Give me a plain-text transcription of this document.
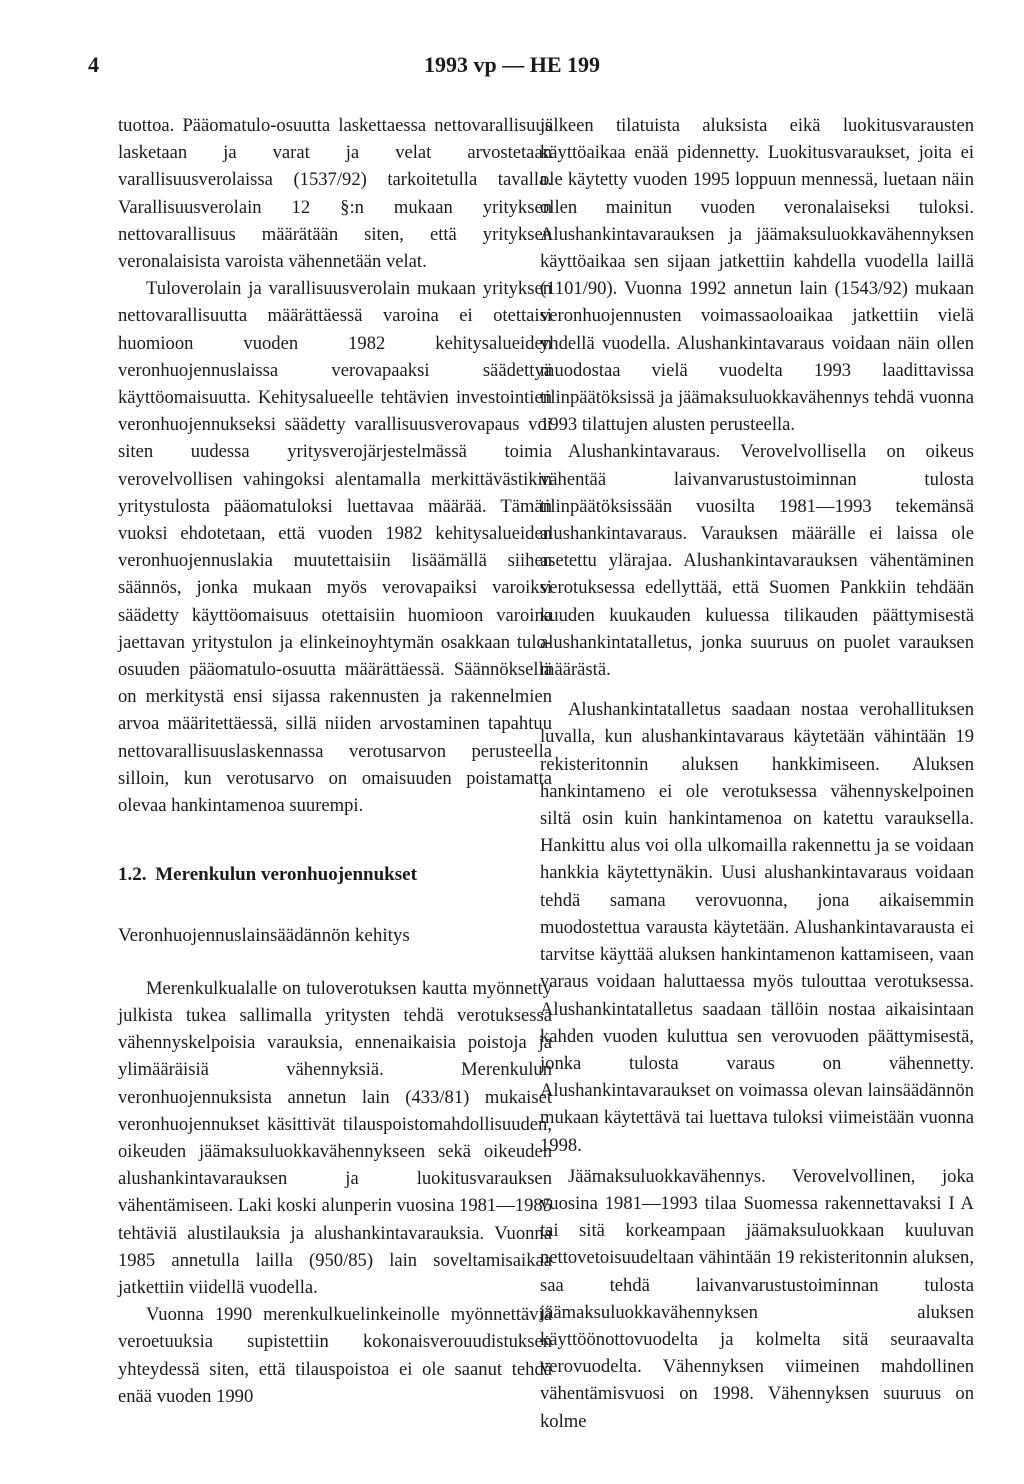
4	1993 vp — HE 199

tuottoa. Pääomatulo-osuutta laskettaessa nettovarallisuus lasketaan ja varat ja velat arvostetaan varallisuusverolaissa (1537/92) tarkoitetulla tavalla. Varallisuusverolain 12 §:n mukaan yrityksen nettovarallisuus määrätään siten, että yrityksen veronalaisista varoista vähennetään velat.

Tuloverolain ja varallisuusverolain mukaan yrityksen nettovarallisuutta määrättäessä varoina ei otettaisi huomioon vuoden 1982 kehitysalueiden veronhuojennuslaissa verovapaaksi säädettyä käyttöomaisuutta. Kehitysalueelle tehtävien investointien veronhuojennukseksi säädetty varallisuusverovapaus voi siten uudessa yritysverojärjestelmässä toimia verovelvollisen vahingoksi alentamalla merkittävästikin yritystulosta pääomatuloksi luettavaa määrää. Tämän vuoksi ehdotetaan, että vuoden 1982 kehitysalueiden veronhuojennuslakia muutettaisiin lisäämällä siihen säännös, jonka mukaan myös verovapaiksi varoiksi säädetty käyttöomaisuus otettaisiin huomioon varoina jaettavan yritystulon ja elinkeinoyhtymän osakkaan tulo-osuuden pääomatulo-osuutta määrättäessä. Säännöksellä on merkitystä ensi sijassa rakennusten ja rakennelmien arvoa määritettäessä, sillä niiden arvostaminen tapahtuu nettovarallisuuslaskennassa verotusarvon perusteella silloin, kun verotusarvo on omaisuuden poistamatta olevaa hankintamenoa suurempi.

1.2. Merenkulun veronhuojennukset

Veronhuojennuslainsäädännön kehitys

Merenkulkualalle on tuloverotuksen kautta myönnetty julkista tukea sallimalla yritysten tehdä verotuksessa vähennyskelpoisia varauksia, ennenaikaisia poistoja ja ylimääräisiä vähennyksiä. Merenkulun veronhuojennuksista annetun lain (433/81) mukaiset veronhuojennukset käsittivät tilauspoistomahdollisuuden, oikeuden jäämaksuluokkavähennykseen sekä oikeuden alushankintavarauksen ja luokitusvarauksen vähentämiseen. Laki koski alunperin vuosina 1981—1985 tehtäviä alustilauksia ja alushankintavarauksia. Vuonna 1985 annetulla lailla (950/85) lain soveltamisaikaa jatkettiin viidellä vuodella.

Vuonna 1990 merenkulkuelinkeinolle myönnettäviä veroetuuksia supistettiin kokonaisverouudistuksen yhteydessä siten, että tilauspoistoa ei ole saanut tehdä enää vuoden 1990

jälkeen tilatuista aluksista eikä luokitusvarausten käyttöaikaa enää pidennetty. Luokitusvaraukset, joita ei ole käytetty vuoden 1995 loppuun mennessä, luetaan näin ollen mainitun vuoden veronalaiseksi tuloksi. Alushankintavarauksen ja jäämaksuluokkavähennyksen käyttöaikaa sen sijaan jatkettiin kahdella vuodella laillä (1101/90). Vuonna 1992 annetun lain (1543/92) mukaan veronhuojennusten voimassaoloaikaa jatkettiin vielä yhdellä vuodella. Alushankintavaraus voidaan näin ollen muodostaa vielä vuodelta 1993 laadittavissa tilinpäätöksissä ja jäämaksuluokkavähennys tehdä vuonna 1993 tilattujen alusten perusteella.

Alushankintavaraus. Verovelvollisella on oikeus vähentää laivanvarustustoiminnan tulosta tilinpäätöksissään vuosilta 1981—1993 tekemänsä alushankintavaraus. Varauksen määrälle ei laissa ole asetettu ylärajaa. Alushankintavarauksen vähentäminen verotuksessa edellyttää, että Suomen Pankkiin tehdään kuuden kuukauden kuluessa tilikauden päättymisestä alushankintatalletus, jonka suuruus on puolet varauksen määrästä.

Alushankintatalletus saadaan nostaa verohallituksen luvalla, kun alushankintavaraus käytetään vähintään 19 rekisteritonnin aluksen hankkimiseen. Aluksen hankintameno ei ole verotuksessa vähennyskelpoinen siltä osin kuin hankintamenoa on katettu varauksella. Hankittu alus voi olla ulkomailla rakennettu ja se voidaan hankkia käytettynäkin. Uusi alushankintavaraus voidaan tehdä samana verovuonna, jona aikaisemmin muodostettua varausta käytetään. Alushankintavarausta ei tarvitse käyttää aluksen hankintamenon kattamiseen, vaan varaus voidaan haluttaessa myös tulouttaa verotuksessa. Alushankintatalletus saadaan tällöin nostaa aikaisintaan kahden vuoden kuluttua sen verovuoden päättymisestä, jonka tulosta varaus on vähennetty. Alushankintavaraukset on voimassa olevan lainsäädännön mukaan käytettävä tai luettava tuloksi viimeistään vuonna 1998.

Jäämaksuluokkavähennys. Verovelvollinen, joka vuosina 1981—1993 tilaa Suomessa rakennettavaksi I A tai sitä korkeampaan jäämaksuluokkaan kuuluvan nettovetoisuudeltaan vähintään 19 rekisteritonnin aluksen, saa tehdä laivanvarustustoiminnan tulosta jäämaksuluokkavähennyksen aluksen käyttöönottovuodelta ja kolmelta sitä seuraavalta verovuodelta. Vähennyksen viimeinen mahdollinen vähentämisvuosi on 1998. Vähennyksen suuruus on kolme
